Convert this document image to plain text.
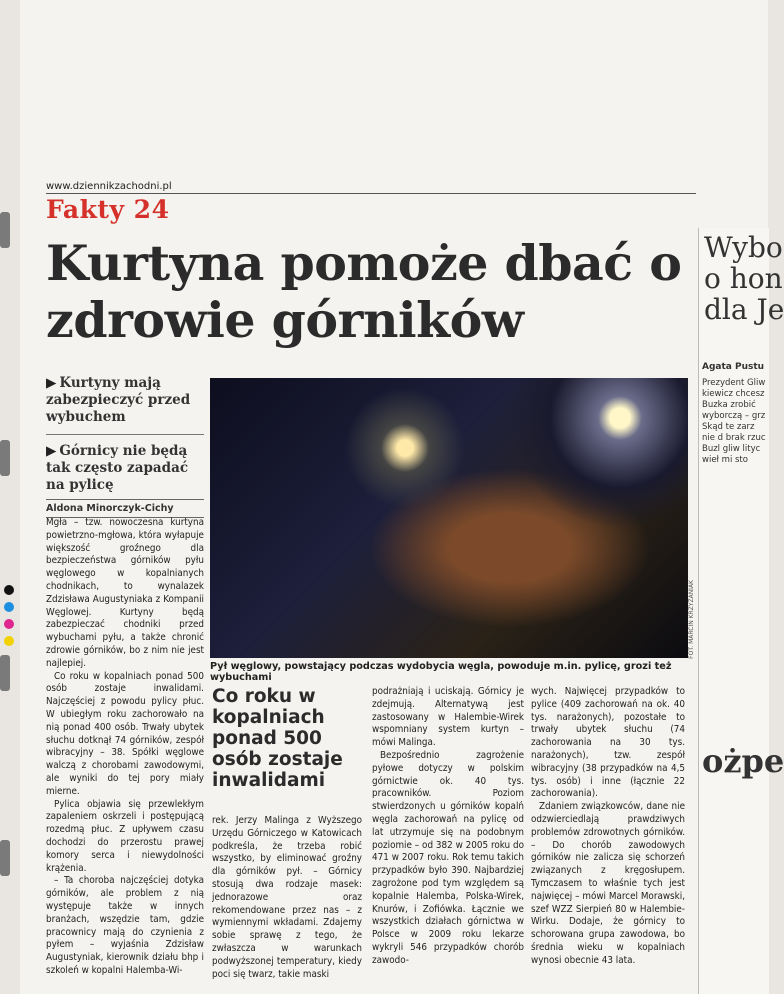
www.dziennikzachodni.pl
Fakty 24
Kurtyna pomoże dbać o zdrowie górników
▶ Kurtyny mają zabezpieczyć przed wybuchem
▶ Górnicy nie będą tak często zapadać na pylicę
Aldona Minorczyk-Cichy

Mgła – tzw. nowoczesna kurtyna powietrzno-mgłowa, która wyłapuje większość groźnego dla bezpieczeństwa górników pyłu węglowego w kopalnianych chodnikach, to wynalazek Zdzisława Augustyniaka z Kompanii Węglowej. Kurtyny będą zabezpieczać chodniki przed wybuchami pyłu, a także chronić zdrowie górników, bo z nim nie jest najlepiej.

Co roku w kopalniach ponad 500 osób zostaje inwalidami. Najczęściej z powodu pylicy płuc. W ubiegłym roku zachorowało na nią ponad 400 osób. Trwały ubytek słuchu dotknął 74 górników, zespół wibracyjny – 38. Spółki węglowe walczą z chorobami zawodowymi, ale wyniki do tej pory miały mierne.

Pylica objawia się przewlekłym zapaleniem oskrzeli i postępującą rozedmą płuc. Z upływem czasu dochodzi do przerostu prawej komory serca i niewydolności krążenia.

– Ta choroba najczęściej dotyka górników, ale problem z nią występuje także w innych branżach, wszędzie tam, gdzie pracownicy mają do czynienia z pyłem – wyjaśnia Zdzisław Augustyniak, kierownik działu bhp i szkoleń w kopalni Halemba-Wi-

FOT. MARCIN KRZYŻANIAK
Pył węglowy, powstający podczas wydobycia węgla, powoduje m.in. pylicę, grozi też wybuchami
Co roku w kopalniach ponad 500 osób zostaje inwalidami

rek. Jerzy Malinga z Wyższego Urzędu Górniczego w Katowicach podkreśla, że trzeba robić wszystko, by eliminować groźny dla górników pył. – Górnicy stosują dwa rodzaje masek: jednorazowe oraz rekomendowane przez nas – z wymiennymi wkładami. Zdajemy sobie sprawę z tego, że zwłaszcza w warunkach podwyższonej temperatury, kiedy poci się twarz, takie maski

podrażniają i uciskają. Górnicy je zdejmują. Alternatywą jest zastosowany w Halembie-Wirek wspomniany system kurtyn – mówi Malinga.

Bezpośrednio zagrożenie pyłowe dotyczy w polskim górnictwie ok. 40 tys. pracowników. Poziom stwierdzonych u górników kopalń węgla zachorowań na pylicę od lat utrzymuje się na podobnym poziomie – od 382 w 2005 roku do 471 w 2007 roku. Rok temu takich przypadków było 390. Najbardziej zagrożone pod tym względem są kopalnie Halemba, Polska-Wirek, Knurów, i Zofiówka. Łącznie we wszystkich działach górnictwa w Polsce w 2009 roku lekarze wykryli 546 przypadków chorób zawodo-

wych. Najwięcej przypadków to pylice (409 zachorowań na ok. 40 tys. narażonych), pozostałe to trwały ubytek słuchu (74 zachorowania na 30 tys. narażonych), tzw. zespół wibracyjny (38 przypadków na 4,5 tys. osób) i inne (łącznie 22 zachorowania).

Zdaniem związkowców, dane nie odzwierciedlają prawdziwych problemów zdrowotnych górników. – Do chorób zawodowych górników nie zalicza się schorzeń związanych z kręgosłupem. Tymczasem to właśnie tych jest najwięcej – mówi Marcel Morawski, szef WZZ Sierpień 80 w Halembie-Wirku. Dodaje, że górnicy to schorowana grupa zawodowa, bo średnia wieku w kopalniach wynosi obecnie 43 lata.

Wybo
o hon
dla Je
Agata Pustu
Prezydent Gliw kiewicz chcesz Buzka zrobić wyborczą – grz Skąd te zarz nie d brak rzuc Buzl gliw lityc wieł mi sto
ożpe
